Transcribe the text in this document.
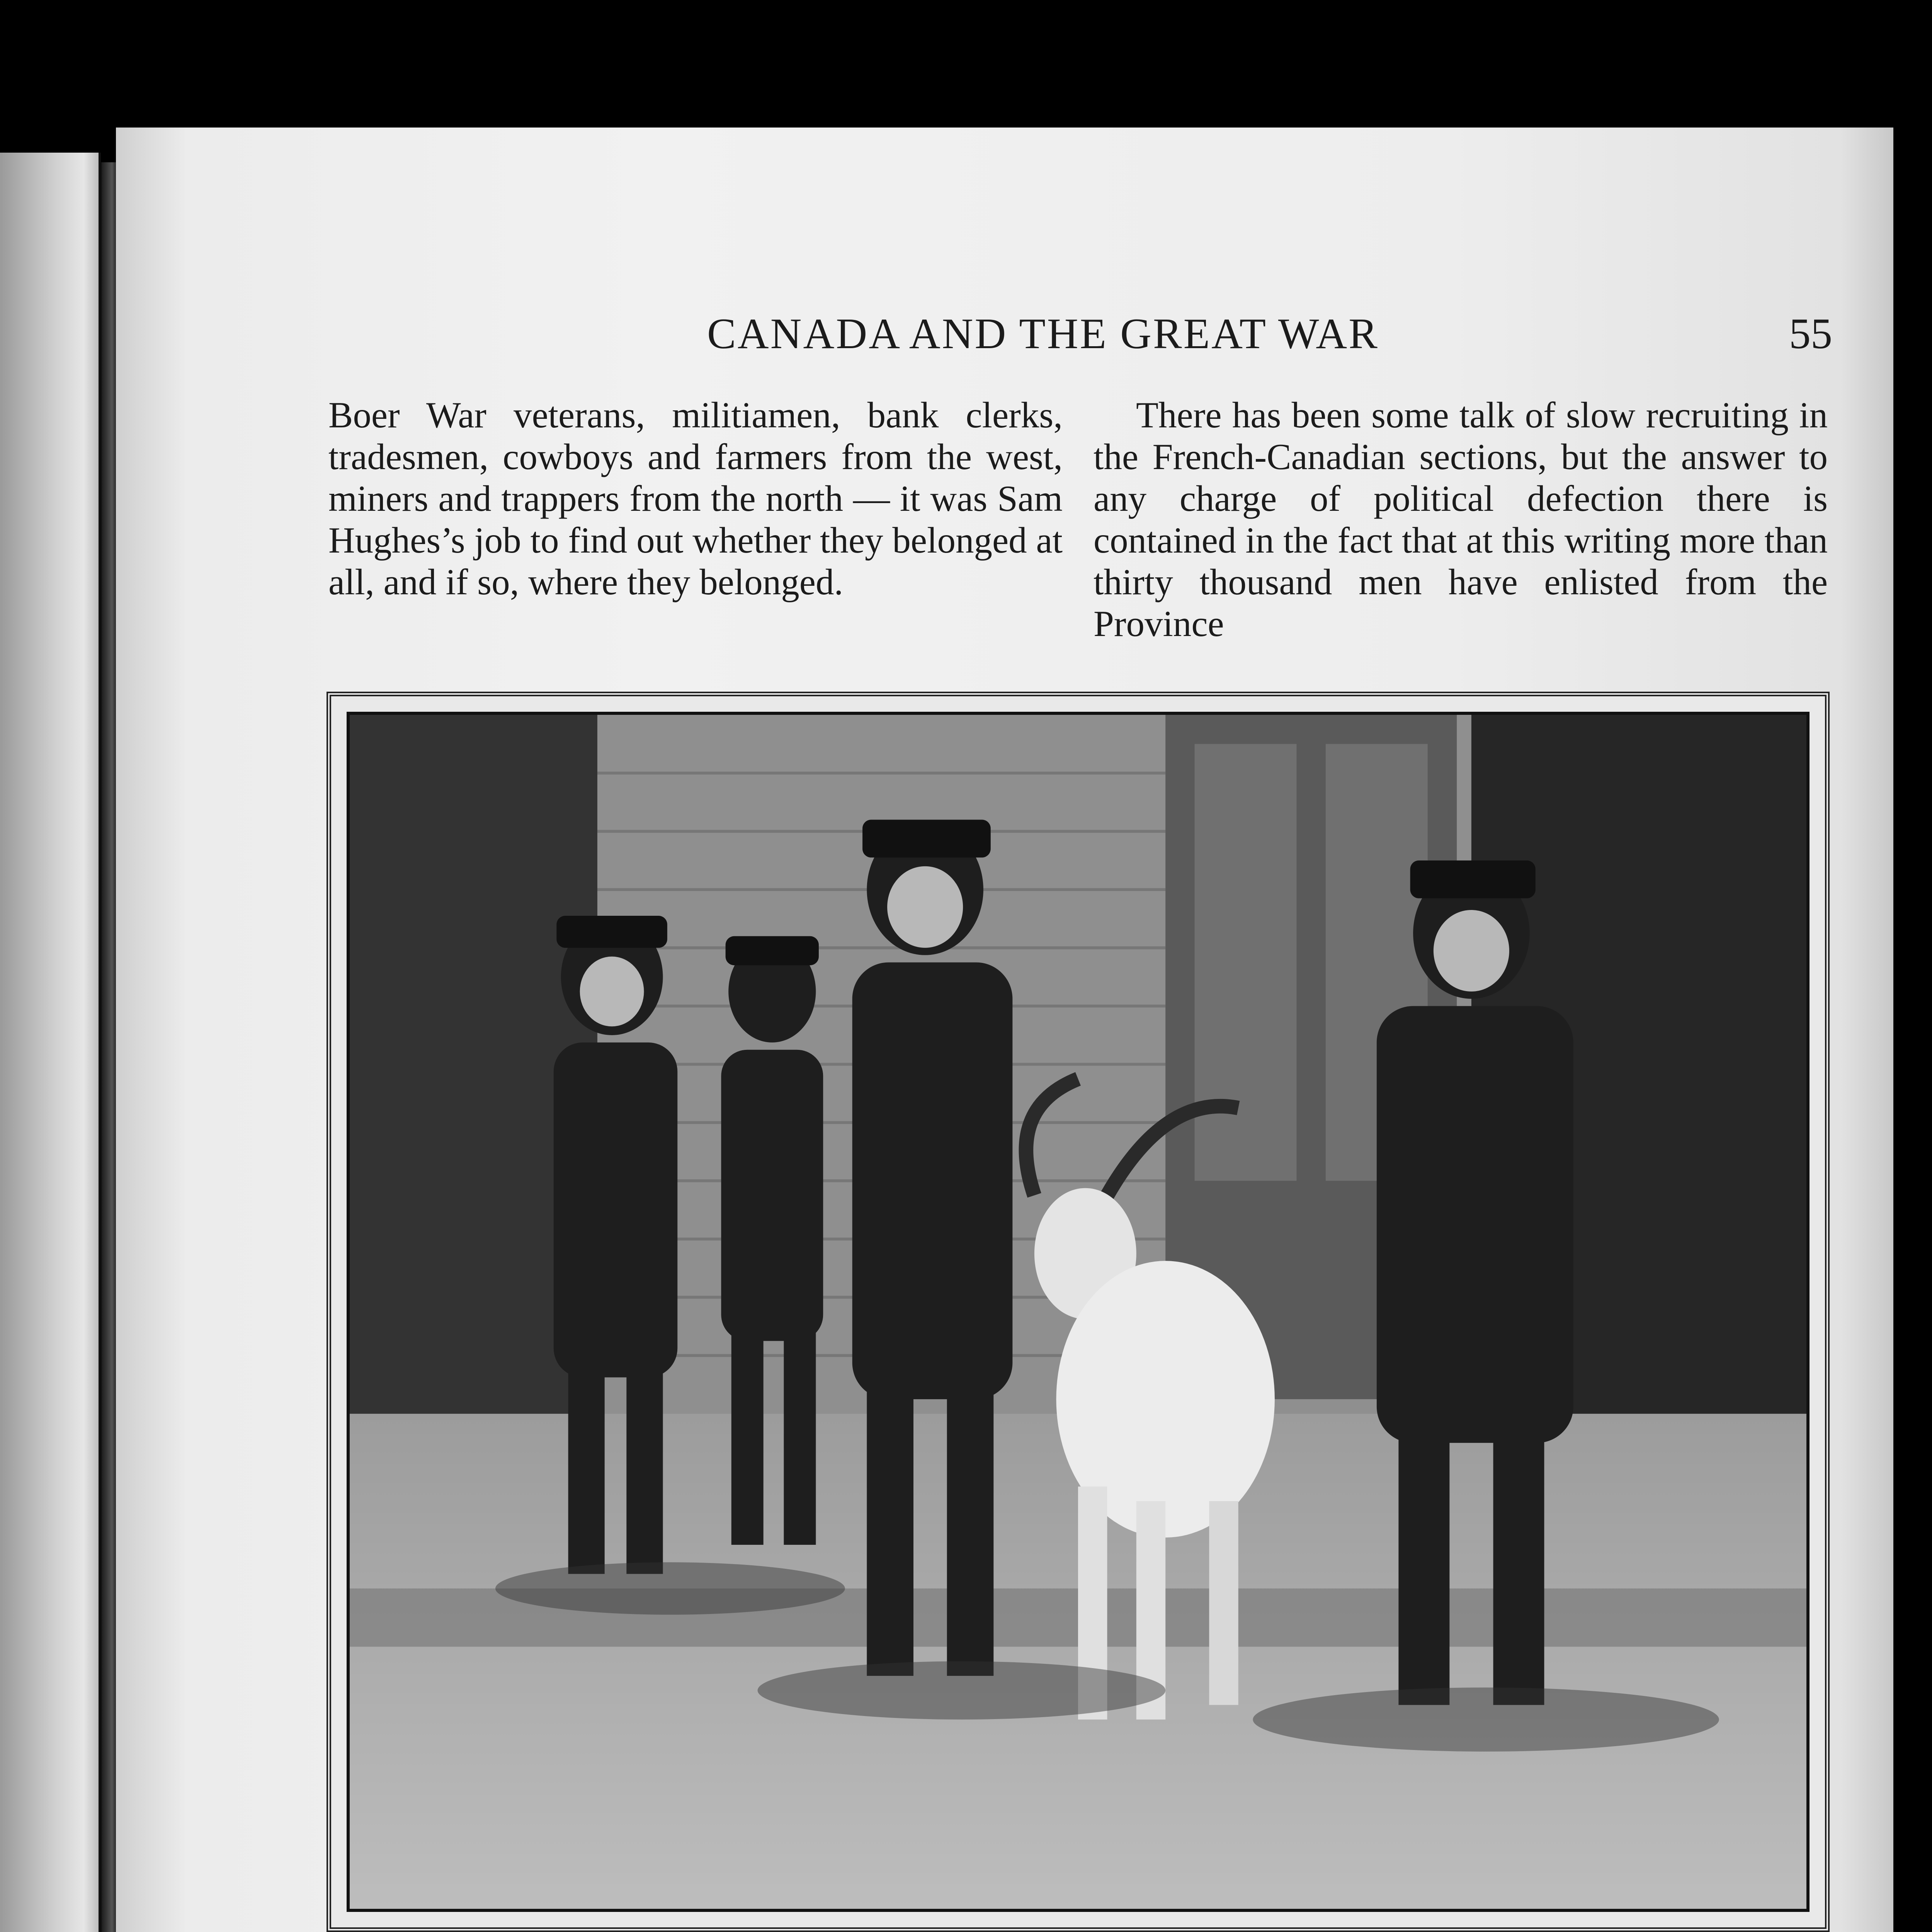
CANADA AND THE GREAT WAR	55

Boer War veterans, militiamen, bank clerks, tradesmen, cowboys and farmers from the west, miners and trappers from the north — it was Sam Hughes’s job to find out whether they belonged at all, and if so, where they belonged.

There has been some talk of slow recruiting in the French-Canadian sections, but the answer to any charge of political defection there is contained in the fact that at this writing more than thirty thousand men have enlisted from the Province
